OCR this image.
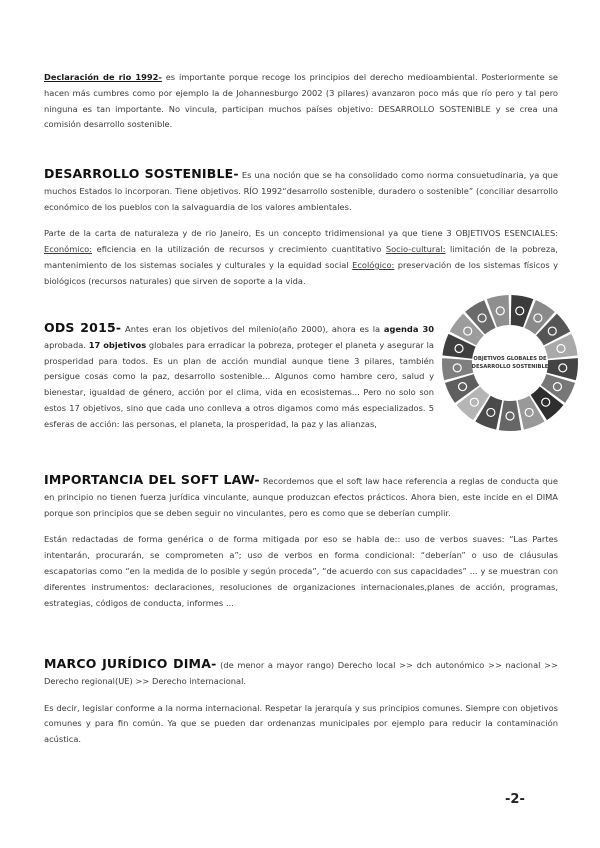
Declaración de rio 1992- es importante porque recoge los principios del derecho medioambiental. Posteriormente se hacen más cumbres como por ejemplo la de Johannesburgo 2002 (3 pilares) avanzaron poco más que río pero y tal pero ninguna es tan importante. No vincula, participan muchos países objetivo: DESARROLLO SOSTENIBLE y se crea una comisión desarrollo sostenible.

DESARROLLO SOSTENIBLE- Es una noción que se ha consolidado como norma consuetudinaria, ya que muchos Estados lo incorporan. Tiene objetivos. RÍO 1992“desarrollo sostenible, duradero o sostenible” (conciliar desarrollo económico de los pueblos con la salvaguardia de los valores ambientales.

Parte de la carta de naturaleza y de rio Janeiro, Es un concepto tridimensional ya que tiene 3 OBJETIVOS ESENCIALES: Económico: eficiencia en la utilización de recursos y crecimiento cuantitativo Socio-cultural: limitación de la pobreza, mantenimiento de los sistemas sociales y culturales y la equidad social Ecológico: preservación de los sistemas físicos y biológicos (recursos naturales) que sirven de soporte a la vida.

ODS 2015- Antes eran los objetivos del milenio(año 2000), ahora es la agenda 30 aprobada. 17 objetivos globales para erradicar la pobreza, proteger el planeta y asegurar la prosperidad para todos. Es un plan de acción mundial aunque tiene 3 pilares, también persigue cosas como la paz, desarrollo sostenible... Algunos como hambre cero, salud y bienestar, igualdad de género, acción por el clima, vida en ecosistemas... Pero no solo son estos 17 objetivos, sino que cada uno conlleva a otros digamos como más especializados. 5 esferas de acción: las personas, el planeta, la prosperidad, la paz y las alianzas,

OBJETIVOS GLOBALES DE
DESARROLLO SOSTENIBLE

IMPORTANCIA DEL SOFT LAW- Recordemos que el soft law hace referencia a reglas de conducta que en principio no tienen fuerza jurídica vinculante, aunque produzcan efectos prácticos. Ahora bien, este incide en el DIMA porque son principios que se deben seguir no vinculantes, pero es como que se deberían cumplir.

Están redactadas de forma genérica o de forma mitigada por eso se habla de:: uso de verbos suaves: “Las Partes intentarán, procurarán, se comprometen a”; uso de verbos en forma condicional: “deberían” o uso de cláusulas escapatorias como “en la medida de lo posible y según proceda”, “de acuerdo con sus capacidades” ... y se muestran con diferentes instrumentos: declaraciones, resoluciones de organizaciones internacionales,planes de acción, programas, estrategias, códigos de conducta, informes ...

MARCO JURÍDICO DIMA- (de menor a mayor rango) Derecho local >> dch autonómico >> nacional >> Derecho regional(UE) >> Derecho internacional.

Es decir, legislar conforme a la norma internacional. Respetar la jerarquía y sus principios comunes. Siempre con objetivos comunes y para fin común. Ya que se pueden dar ordenanzas municipales por ejemplo para reducir la contaminación acústica.

-2-
